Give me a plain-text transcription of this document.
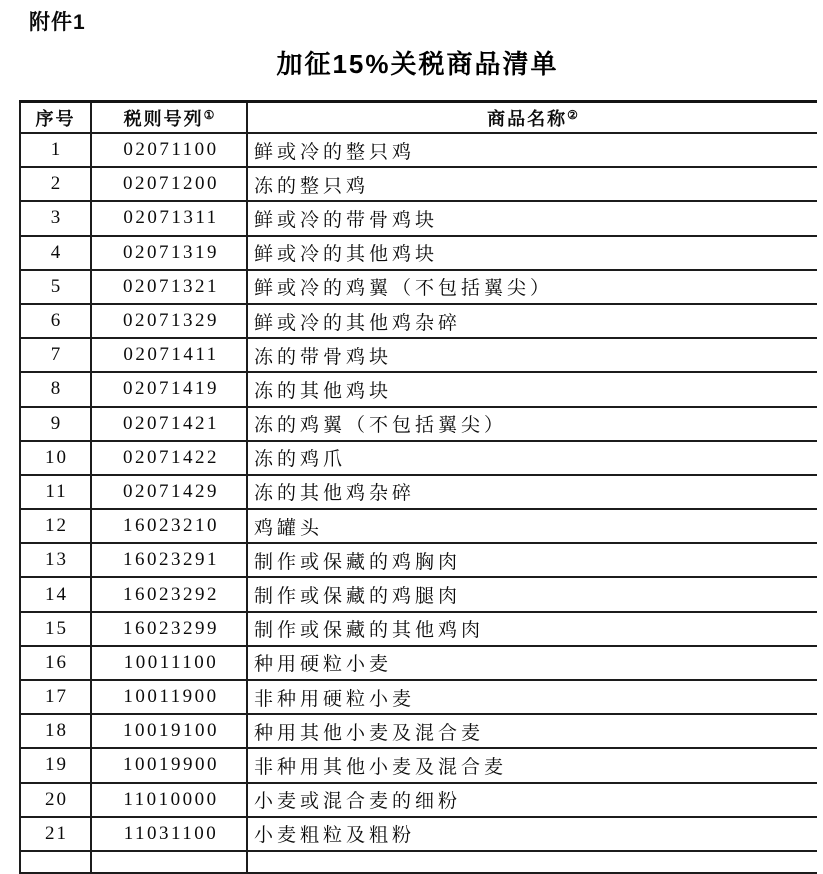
附件1
加征15%关税商品清单
序号	税则号列①	商品名称②
1	02071100	鲜或冷的整只鸡
2	02071200	冻的整只鸡
3	02071311	鲜或冷的带骨鸡块
4	02071319	鲜或冷的其他鸡块
5	02071321	鲜或冷的鸡翼（不包括翼尖）
6	02071329	鲜或冷的其他鸡杂碎
7	02071411	冻的带骨鸡块
8	02071419	冻的其他鸡块
9	02071421	冻的鸡翼（不包括翼尖）
10	02071422	冻的鸡爪
11	02071429	冻的其他鸡杂碎
12	16023210	鸡罐头
13	16023291	制作或保藏的鸡胸肉
14	16023292	制作或保藏的鸡腿肉
15	16023299	制作或保藏的其他鸡肉
16	10011100	种用硬粒小麦
17	10011900	非种用硬粒小麦
18	10019100	种用其他小麦及混合麦
19	10019900	非种用其他小麦及混合麦
20	11010000	小麦或混合麦的细粉
21	11031100	小麦粗粒及粗粉
